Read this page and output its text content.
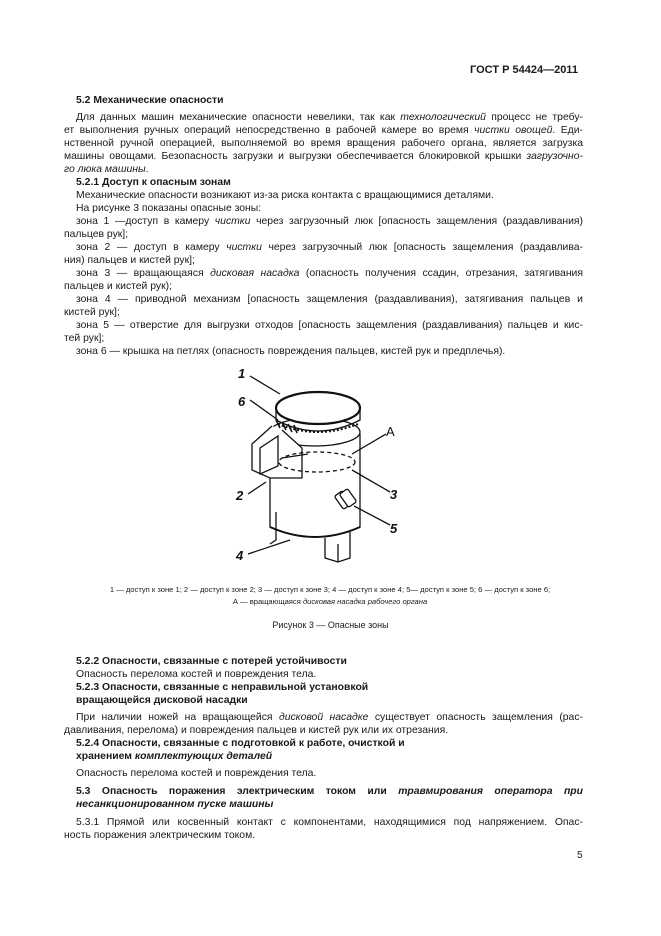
ГОСТ Р 54424—2011
5.2 Механические опасности
Для данных машин механические опасности невелики, так как технологический процесс не требу-
ет выполнения ручных операций непосредственно в рабочей камере во время чистки овощей. Еди-
нственной ручной операцией, выполняемой во время вращения рабочего органа, является загрузка
машины овощами. Безопасность загрузки и выгрузки обеспечивается блокировкой крышки загрузочно-
го люка машины.
5.2.1 Доступ к опасным зонам
Механические опасности возникают из-за риска контакта с вращающимися деталями.
На рисунке 3 показаны опасные зоны:
зона 1 —доступ в камеру чистки через загрузочный люк [опасность защемления (раздавливания)
пальцев рук];
зона 2 — доступ в камеру чистки через загрузочный люк [опасность защемления (раздавлива-
ния) пальцев и кистей рук];
зона 3 — вращающаяся дисковая насадка (опасность получения ссадин, отрезания, затягивания
пальцев и кистей рук);
зона 4 — приводной механизм [опасность защемления (раздавливания), затягивания пальцев и
кистей рук];
зона 5 — отверстие для выгрузки отходов [опасность защемления (раздавливания) пальцев и кис-
тей рук];
зона 6 — крышка на петлях (опасность повреждения пальцев, кистей рук и предплечья).
1
6
2
4
A
3
5
1 — доступ к зоне 1; 2 — доступ к зоне 2; 3 — доступ к зоне 3; 4 — доступ к зоне 4; 5— доступ к зоне 5; 6 — доступ к зоне 6;
А — вращающаяся дисковая насадка рабочего органа
Рисунок 3 — Опасные зоны
5.2.2 Опасности, связанные с потерей устойчивости
Опасность перелома костей и повреждения тела.
5.2.3 Опасности, связанные с неправильной установкой
вращающейся дисковой насадки
При наличии ножей на вращающейся дисковой насадке существует опасность защемления (рас-
давливания, перелома) и повреждения пальцев и кистей рук или их отрезания.
5.2.4 Опасности, связанные с подготовкой к работе, очисткой и
хранением комплектующих деталей
Опасность перелома костей и повреждения тела.
5.3 Опасность поражения электрическим током или травмирования оператора при
несанкционированном пуске машины
5.3.1 Прямой или косвенный контакт с компонентами, находящимися под напряжением. Опас-
ность поражения электрическим током.
5
